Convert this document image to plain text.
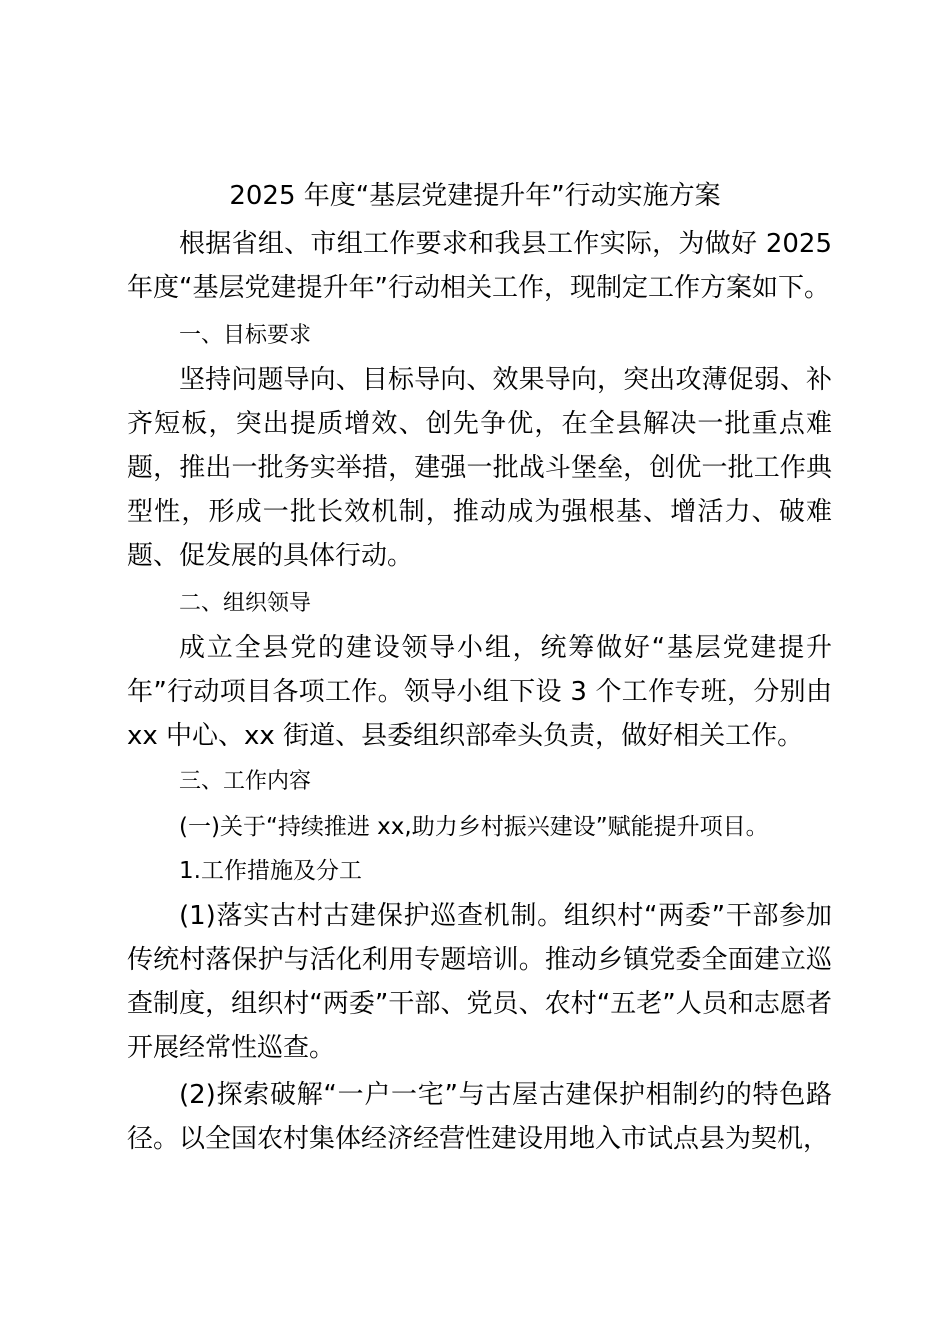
2025 年度“基层党建提升年”行动实施方案
根据省组、市组工作要求和我县工作实际，为做好 2025 年度“基层党建提升年”行动相关工作，现制定工作方案如下。
一、目标要求
坚持问题导向、目标导向、效果导向，突出攻薄促弱、补齐短板，突出提质增效、创先争优，在全县解决一批重点难题，推出一批务实举措，建强一批战斗堡垒，创优一批工作典型性，形成一批长效机制，推动成为强根基、增活力、破难题、促发展的具体行动。
二、组织领导
成立全县党的建设领导小组，统筹做好“基层党建提升年”行动项目各项工作。领导小组下设 3 个工作专班，分别由 xx 中心、xx 街道、县委组织部牵头负责，做好相关工作。
三、工作内容
(一)关于“持续推进 xx,助力乡村振兴建设”赋能提升项目。
1.工作措施及分工
(1)落实古村古建保护巡查机制。组织村“两委”干部参加传统村落保护与活化利用专题培训。推动乡镇党委全面建立巡查制度，组织村“两委”干部、党员、农村“五老”人员和志愿者开展经常性巡查。
(2)探索破解“一户一宅”与古屋古建保护相制约的特色路径。以全国农村集体经济经营性建设用地入市试点县为契机，
